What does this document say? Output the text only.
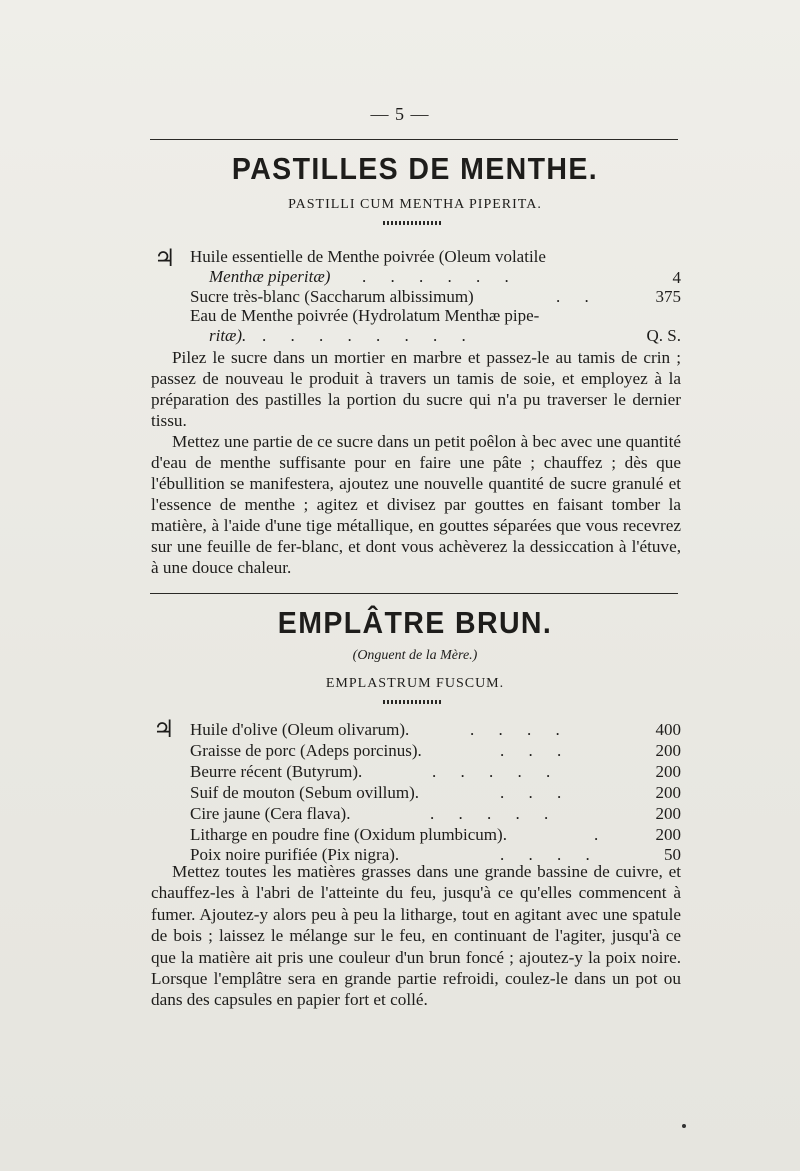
— 5 —
PASTILLES DE MENTHE.
PASTILLI CUM MENTHA PIPERITA.
♃ Huile essentielle de Menthe poivrée (Oleum volatile
Menthæ piperitæ) . . . . . .	4
Sucre très-blanc (Saccharum albissimum)	. .	375
Eau de Menthe poivrée (Hydrolatum Menthæ pipe-
ritæ). . . . . . . . .	Q. S.
Pilez le sucre dans un mortier en marbre et passez-le au tamis de crin ; passez de nouveau le produit à travers un tamis de soie, et employez à la préparation des pastilles la portion du sucre qui n'a pu traverser le dernier tissu.
Mettez une partie de ce sucre dans un petit poêlon à bec avec une quantité d'eau de menthe suffisante pour en faire une pâte ; chauffez ; dès que l'ébullition se manifestera, ajoutez une nouvelle quantité de sucre granulé et l'essence de menthe ; agitez et divisez par gouttes en faisant tomber la matière, à l'aide d'une tige métallique, en gouttes séparées que vous recevrez sur une feuille de fer-blanc, et dont vous achèverez la dessiccation à l'étuve, à une douce chaleur.
EMPLÂTRE BRUN.
(Onguent de la Mère.)
EMPLASTRUM FUSCUM.
♃ Huile d'olive (Oleum olivarum).	. . . .	400
Graisse de porc (Adeps porcinus).	. . .	200
Beurre récent (Butyrum).	. . . . .	200
Suif de mouton (Sebum ovillum).	. . .	200
Cire jaune (Cera flava).	. . . . .	200
Litharge en poudre fine (Oxidum plumbicum).	.	200
Poix noire purifiée (Pix nigra).	. . . .	50
Mettez toutes les matières grasses dans une grande bassine de cuivre, et chauffez-les à l'abri de l'atteinte du feu, jusqu'à ce qu'elles commencent à fumer. Ajoutez-y alors peu à peu la litharge, tout en agitant avec une spatule de bois ; laissez le mélange sur le feu, en continuant de l'agiter, jusqu'à ce que la matière ait pris une couleur d'un brun foncé ; ajoutez-y la poix noire. Lorsque l'emplâtre sera en grande partie refroidi, coulez-le dans un pot ou dans des capsules en papier fort et collé.
